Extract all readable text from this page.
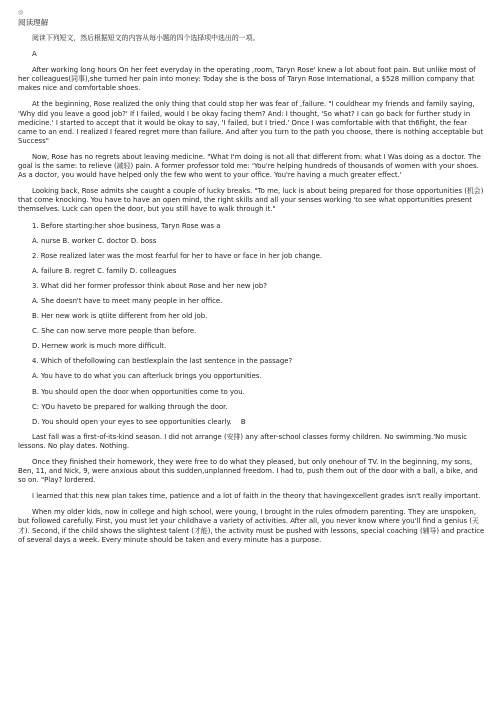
◎
阅读理解

阅读下列短文，然后根据短文的内容从每小题的四个选择项中选出的一项。

A

After working long hours On her feet everyday in the operating ,room, Taryn Rose' knew a lot about foot pain. But unlike most of her colleagues(同事),she turned her pain into money: Today she is the boss of Taryn Rose International, a $528 million company that makes nice and comfortable shoes.

At the beginning, Rose realized the only thing that could stop her was fear of ,failure. "I couldhear my friends and family saying, 'Why did you leave a good job?' If I failed, would I be okay facing them? And: I thought, 'So what? I can go back for further study in medicine.' I started to accept that it would be okay to say, 'I failed, but I tried.' Once I was comfortable with that th6fight, the fear came to an end. I realized I feared regret more than failure. And after you turn to the path you choose, there is nothing acceptable but Success"

Now, Rose has no regrets about leaving medicine. "What I'm doing is not all that different from: what I Was doing as a doctor. The goal is the same: to relieve (减轻) pain. A former professor told me: 'You're helping hundreds of thousands of women with your shoes. As a doctor, you would have helped only the few who went to your office. You're having a much greater effect.'

Looking back, Rose admits she caught a couple of lucky breaks. "To me, luck is about being prepared for those opportunities (机会) that come knocking. You have to have an open mind, the right skills and all your senses working 'to see what opportunities present themselves. Luck can open the door, but you still have to walk through it."

1. Before starting:her shoe business, Taryn Rose was a

A. nurse B. worker C. doctor D. boss

2. Rose realized later was the most fearful for her to have or face in her job change.

A. failure B. regret C. family D. colleagues

3. What did her former professor think about Rose and her new job?

A. She doesn't have to meet many people in her office.

B. Her new work is qtiite different from her old job.

C. She can now serve more people than before.

D. Hernew work is much more difficult.

4. Which of thefollowing can bestlexplain the last sentence in the passage?

A. You have to do what you can afterluck brings you opportunities.

B. You should open the door when opportunities come to you.

C: YOu haveto be prepared for walking through the door.

D. You should open your eyes to see opportunities clearly.　 B

Last fall was a first-of-its-kind season. I did not arrange (安排) any after-school classes formy children. No swimming.'No music lessons. No play dates. Nothing.

Once they finished their homework, they were free to do what they pleased, but only onehour of TV. In the beginning, my sons, Ben, 11, and Nick, 9, were anxious about this sudden,unplanned freedom. I had to, push them out of the door with a ball, a bike, and so on. "Play? lordered.

I learned that this new plan takes time, patience and a lot of faith in the theory that havingexcellent grades isn't really important.

When my older kids, now in college and high school, were young, I brought in the rules ofmodern parenting. They are unspoken, but followed carefully. First, you must let your childhave a variety of activities. After all, you never know where you'll find a genius (天才). Second, if the child shows the slightest talent (才能), the activity must be pushed with lessons, special coaching (辅导) and practice of several days a week. Every minute should be taken and every minute has a purpose.
